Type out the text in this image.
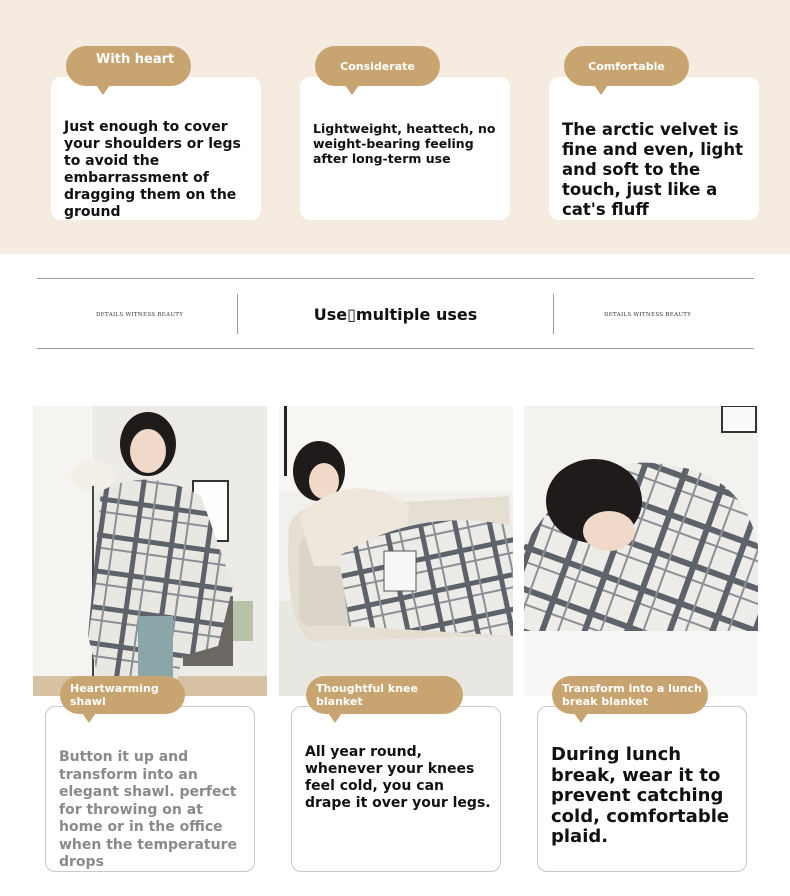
Just enough to cover your shoulders or legs to avoid the embarrassment of dragging them on the ground
With heart
Lightweight, heattech, no weight-bearing feeling after long-term use
Considerate
The arctic velvet is fine and even, light and soft to the touch, just like a cat's fluff
Comfortable
DETAILS WITNESS BEAUTY	DETAILS WITNESS BEAUTY
Use▯multiple uses
Button it up and transform into an elegant shawl. perfect for throwing on at home or in the office when the temperature drops
Heartwarming shawl
All year round, whenever your knees feel cold, you can drape it over your legs.
Thoughtful knee blanket
During lunch break, wear it to prevent catching cold, comfortable plaid.
Transform into a lunch break blanket
